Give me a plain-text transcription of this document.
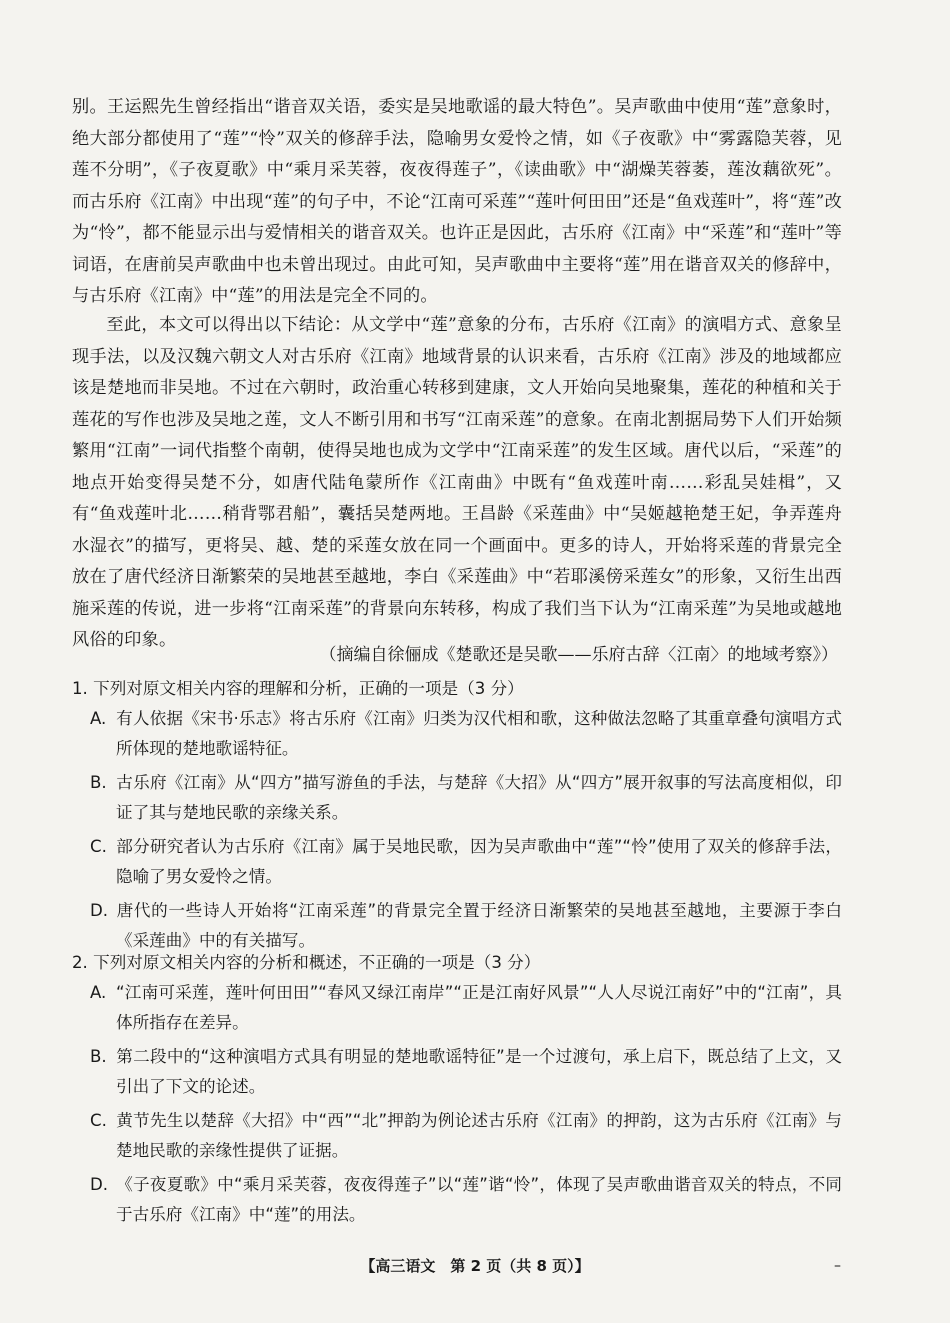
别。王运熙先生曾经指出“谐音双关语，委实是吴地歌谣的最大特色”。吴声歌曲中使用“莲”意象时，绝大部分都使用了“莲”“怜”双关的修辞手法，隐喻男女爱怜之情，如《子夜歌》中“雾露隐芙蓉，见莲不分明”，《子夜夏歌》中“乘月采芙蓉，夜夜得莲子”，《读曲歌》中“湖燥芙蓉萎，莲汝藕欲死”。而古乐府《江南》中出现“莲”的句子中，不论“江南可采莲”“莲叶何田田”还是“鱼戏莲叶”，将“莲”改为“怜”，都不能显示出与爱情相关的谐音双关。也许正是因此，古乐府《江南》中“采莲”和“莲叶”等词语，在唐前吴声歌曲中也未曾出现过。由此可知，吴声歌曲中主要将“莲”用在谐音双关的修辞中，与古乐府《江南》中“莲”的用法是完全不同的。

至此，本文可以得出以下结论：从文学中“莲”意象的分布，古乐府《江南》的演唱方式、意象呈现手法，以及汉魏六朝文人对古乐府《江南》地域背景的认识来看，古乐府《江南》涉及的地域都应该是楚地而非吴地。不过在六朝时，政治重心转移到建康，文人开始向吴地聚集，莲花的种植和关于莲花的写作也涉及吴地之莲，文人不断引用和书写“江南采莲”的意象。在南北割据局势下人们开始频繁用“江南”一词代指整个南朝，使得吴地也成为文学中“江南采莲”的发生区域。唐代以后，“采莲”的地点开始变得吴楚不分，如唐代陆龟蒙所作《江南曲》中既有“鱼戏莲叶南……彩乱吴娃楫”，又有“鱼戏莲叶北……稍背鄂君船”，囊括吴楚两地。王昌龄《采莲曲》中“吴姬越艳楚王妃，争弄莲舟水湿衣”的描写，更将吴、越、楚的采莲女放在同一个画面中。更多的诗人，开始将采莲的背景完全放在了唐代经济日渐繁荣的吴地甚至越地，李白《采莲曲》中“若耶溪傍采莲女”的形象，又衍生出西施采莲的传说，进一步将“江南采莲”的背景向东转移，构成了我们当下认为“江南采莲”为吴地或越地风俗的印象。

（摘编自徐俪成《楚歌还是吴歌——乐府古辞〈江南〉的地域考察》）

1. 下列对原文相关内容的理解和分析，正确的一项是（3 分）

A. 有人依据《宋书·乐志》将古乐府《江南》归类为汉代相和歌，这种做法忽略了其重章叠句演唱方式所体现的楚地歌谣特征。

B. 古乐府《江南》从“四方”描写游鱼的手法，与楚辞《大招》从“四方”展开叙事的写法高度相似，印证了其与楚地民歌的亲缘关系。

C. 部分研究者认为古乐府《江南》属于吴地民歌，因为吴声歌曲中“莲”“怜”使用了双关的修辞手法，隐喻了男女爱怜之情。

D. 唐代的一些诗人开始将“江南采莲”的背景完全置于经济日渐繁荣的吴地甚至越地，主要源于李白《采莲曲》中的有关描写。

2. 下列对原文相关内容的分析和概述，不正确的一项是（3 分）

A. “江南可采莲，莲叶何田田”“春风又绿江南岸”“正是江南好风景”“人人尽说江南好”中的“江南”，具体所指存在差异。

B. 第二段中的“这种演唱方式具有明显的楚地歌谣特征”是一个过渡句，承上启下，既总结了上文，又引出了下文的论述。

C. 黄节先生以楚辞《大招》中“西”“北”押韵为例论述古乐府《江南》的押韵，这为古乐府《江南》与楚地民歌的亲缘性提供了证据。

D. 《子夜夏歌》中“乘月采芙蓉，夜夜得莲子”以“莲”谐“怜”，体现了吴声歌曲谐音双关的特点，不同于古乐府《江南》中“莲”的用法。

【高三语文　第 2 页（共 8 页）】	–
